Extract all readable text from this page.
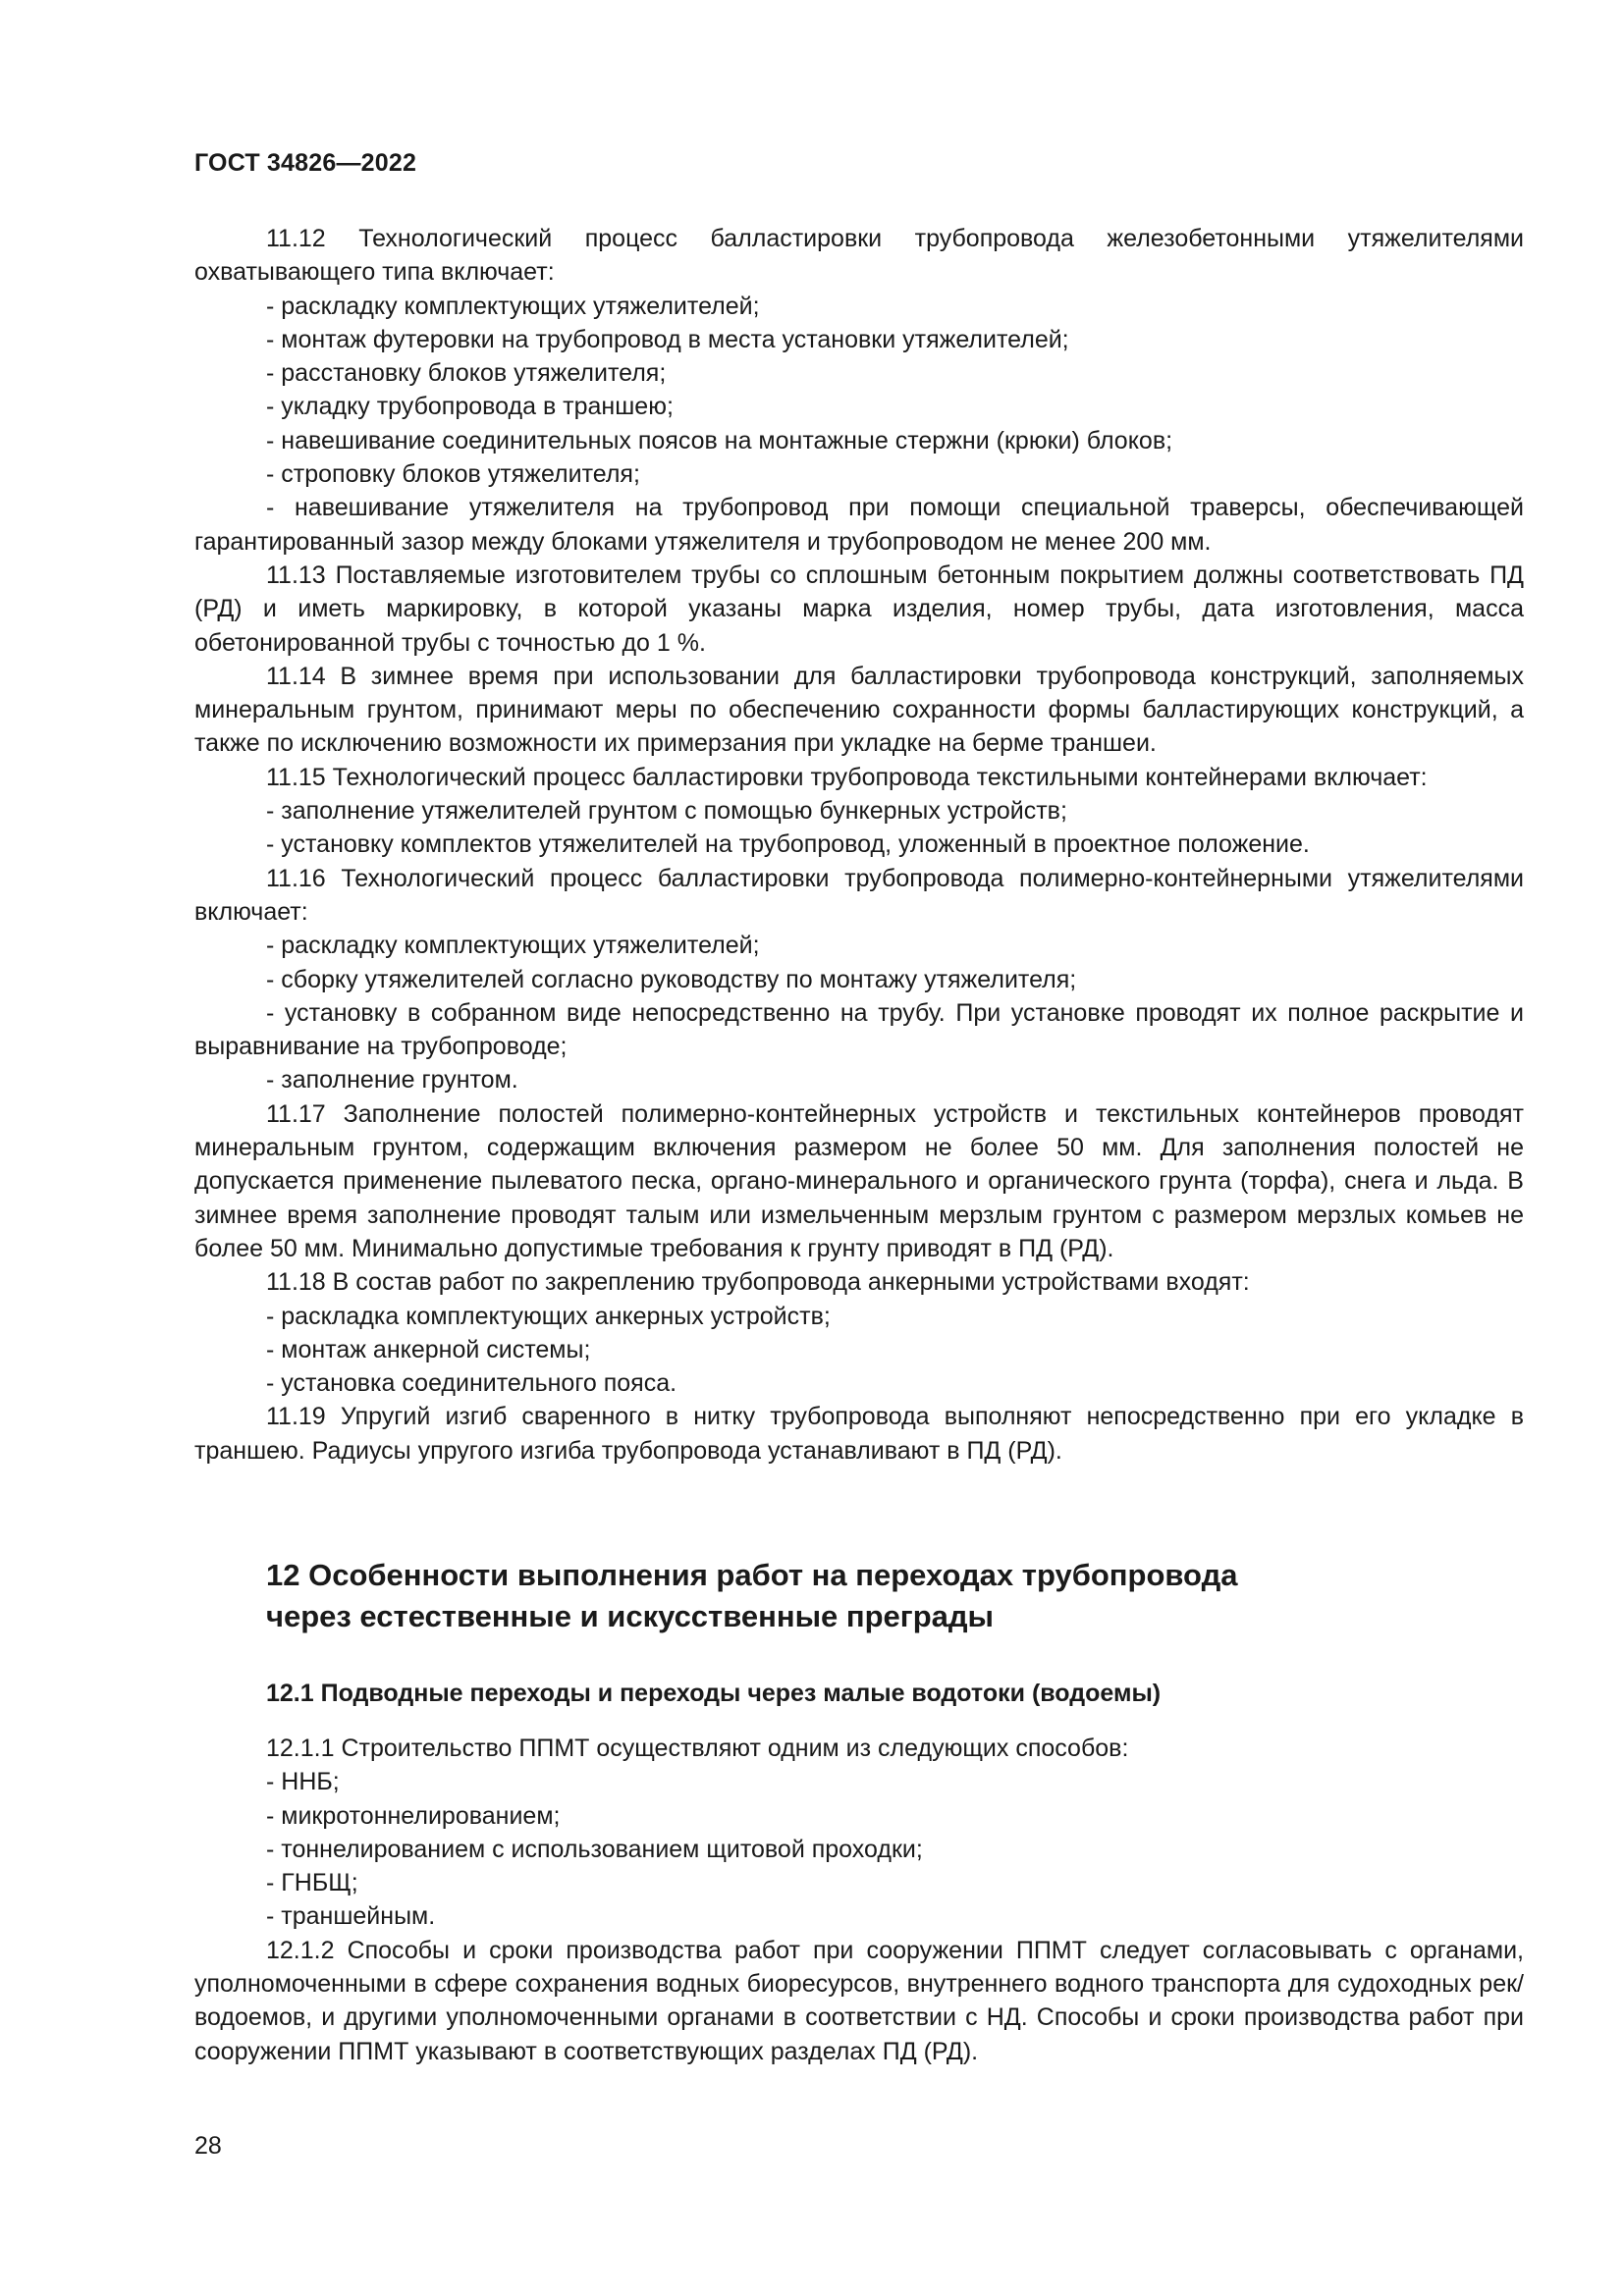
ГОСТ 34826—2022

11.12 Технологический процесс балластировки трубопровода железобетонными утяжелителями охватывающего типа включает:

- раскладку комплектующих утяжелителей;
- монтаж футеровки на трубопровод в места установки утяжелителей;
- расстановку блоков утяжелителя;
- укладку трубопровода в траншею;
- навешивание соединительных поясов на монтажные стержни (крюки) блоков;
- строповку блоков утяжелителя;

- навешивание утяжелителя на трубопровод при помощи специальной траверсы, обеспечивающей гарантированный зазор между блоками утяжелителя и трубопроводом не менее 200 мм.

11.13 Поставляемые изготовителем трубы со сплошным бетонным покрытием должны соответствовать ПД (РД) и иметь маркировку, в которой указаны марка изделия, номер трубы, дата изготовления, масса обетонированной трубы с точностью до 1 %.

11.14 В зимнее время при использовании для балластировки трубопровода конструкций, заполняемых минеральным грунтом, принимают меры по обеспечению сохранности формы балластирующих конструкций, а также по исключению возможности их примерзания при укладке на берме траншеи.

11.15 Технологический процесс балластировки трубопровода текстильными контейнерами включает:

- заполнение утяжелителей грунтом с помощью бункерных устройств;
- установку комплектов утяжелителей на трубопровод, уложенный в проектное положение.

11.16 Технологический процесс балластировки трубопровода полимерно-контейнерными утяжелителями включает:

- раскладку комплектующих утяжелителей;
- сборку утяжелителей согласно руководству по монтажу утяжелителя;

- установку в собранном виде непосредственно на трубу. При установке проводят их полное раскрытие и выравнивание на трубопроводе;

- заполнение грунтом.

11.17 Заполнение полостей полимерно-контейнерных устройств и текстильных контейнеров проводят минеральным грунтом, содержащим включения размером не более 50 мм. Для заполнения полостей не допускается применение пылеватого песка, органо-минерального и органического грунта (торфа), снега и льда. В зимнее время заполнение проводят талым или измельченным мерзлым грунтом с размером мерзлых комьев не более 50 мм. Минимально допустимые требования к грунту приводят в ПД (РД).

11.18 В состав работ по закреплению трубопровода анкерными устройствами входят:

- раскладка комплектующих анкерных устройств;
- монтаж анкерной системы;
- установка соединительного пояса.

11.19 Упругий изгиб сваренного в нитку трубопровода выполняют непосредственно при его укладке в траншею. Радиусы упругого изгиба трубопровода устанавливают в ПД (РД).

12 Особенности выполнения работ на переходах трубопровода
через естественные и искусственные преграды
12.1 Подводные переходы и переходы через малые водотоки (водоемы)

12.1.1 Строительство ППМТ осуществляют одним из следующих способов:

- ННБ;
- микротоннелированием;
- тоннелированием с использованием щитовой проходки;
- ГНБЩ;
- траншейным.

12.1.2 Способы и сроки производства работ при сооружении ППМТ следует согласовывать с органами, уполномоченными в сфере сохранения водных биоресурсов, внутреннего водного транспорта для судоходных рек/водоемов, и другими уполномоченными органами в соответствии с НД. Способы и сроки производства работ при сооружении ППМТ указывают в соответствующих разделах ПД (РД).

28
